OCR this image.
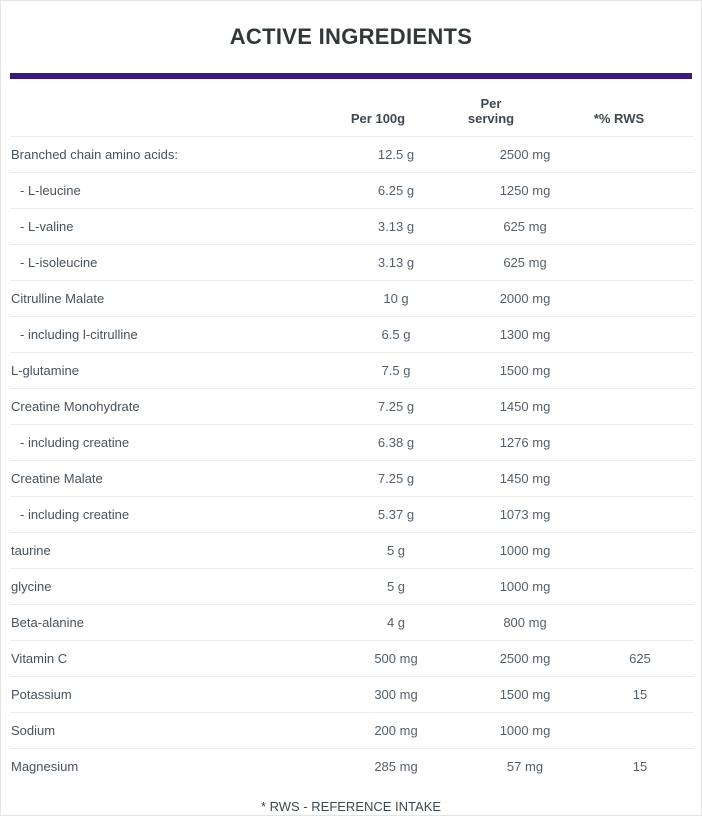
ACTIVE INGREDIENTS
	Per 100g	Per serving	*% RWS
Branched chain amino acids:	12.5 g	2500 mg	
- L-leucine	6.25 g	1250 mg	
- L-valine	3.13 g	625 mg	
- L-isoleucine	3.13 g	625 mg	
Citrulline Malate	10 g	2000 mg	
- including l-citrulline	6.5 g	1300 mg	
L-glutamine	7.5 g	1500 mg	
Creatine Monohydrate	7.25 g	1450 mg	
- including creatine	6.38 g	1276 mg	
Creatine Malate	7.25 g	1450 mg	
- including creatine	5.37 g	1073 mg	
taurine	5 g	1000 mg	
glycine	5 g	1000 mg	
Beta-alanine	4 g	800 mg	
Vitamin C	500 mg	2500 mg	625
Potassium	300 mg	1500 mg	15
Sodium	200 mg	1000 mg	
Magnesium	285 mg	57 mg	15
* RWS - REFERENCE INTAKE
